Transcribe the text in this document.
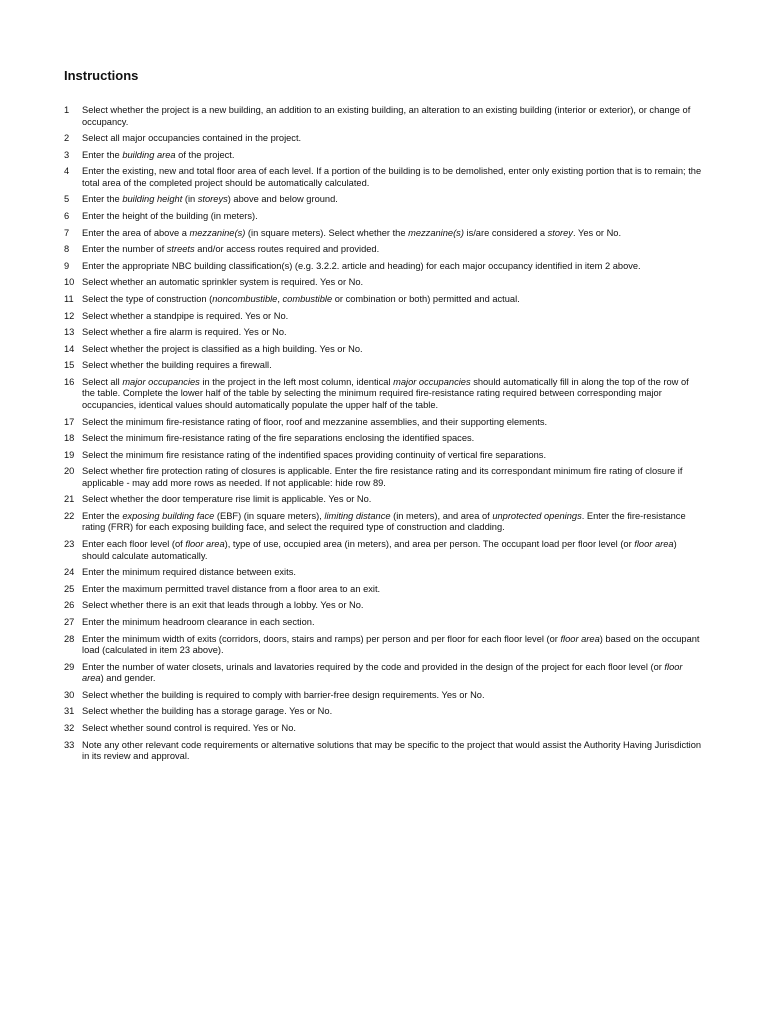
Instructions
1	Select whether the project is a new building, an addition to an existing building, an alteration to an existing building (interior or exterior), or change of occupancy.
2	Select all major occupancies contained in the project.
3	Enter the building area of the project.
4	Enter the existing, new and total floor area of each level. If a portion of the building is to be demolished, enter only existing portion that is to remain; the total area of the completed project should be automatically calculated.
5	Enter the building height (in storeys) above and below ground.
6	Enter the height of the building (in meters).
7	Enter the area of above a mezzanine(s) (in square meters). Select whether the mezzanine(s) is/are considered a storey. Yes or No.
8	Enter the number of streets and/or access routes required and provided.
9	Enter the appropriate NBC building classification(s) (e.g. 3.2.2. article and heading) for each major occupancy identified in item 2 above.
10 Select whether an automatic sprinkler system is required. Yes or No.
11 Select the type of construction (noncombustible, combustible or combination or both) permitted and actual.
12 Select whether a standpipe is required. Yes or No.
13 Select whether a fire alarm is required. Yes or No.
14 Select whether the project is classified as a high building. Yes or No.
15 Select whether the building requires a firewall.
16 Select all major occupancies in the project in the left most column, identical major occupancies should automatically fill in along the top of the row of the table. Complete the lower half of the table by selecting the minimum required fire-resistance rating required between corresponding major occupancies, identical values should automatically populate the upper half of the table.
17 Select the minimum fire-resistance rating of floor, roof and mezzanine assemblies, and their supporting elements.
18 Select the minimum fire-resistance rating of the fire separations enclosing the identified spaces.
19 Select the minimum fire resistance rating of the indentified spaces providing continuity of vertical fire separations.
20 Select whether fire protection rating of closures is applicable. Enter the fire resistance rating and its correspondant minimum fire rating of closure if applicable - may add more rows as needed. If not applicable: hide row 89.
21 Select whether the door temperature rise limit is applicable. Yes or No.
22 Enter the exposing building face (EBF) (in square meters), limiting distance (in meters), and area of unprotected openings. Enter the fire-resistance rating (FRR) for each exposing building face, and select the required type of construction and cladding.
23 Enter each floor level (of floor area), type of use, occupied area (in meters), and area per person. The occupant load per floor level (or floor area) should calculate automatically.
24 Enter the minimum required distance between exits.
25 Enter the maximum permitted travel distance from a floor area to an exit.
26 Select whether there is an exit that leads through a lobby. Yes or No.
27 Enter the minimum headroom clearance in each section.
28 Enter the minimum width of exits (corridors, doors, stairs and ramps) per person and per floor for each floor level (or floor area) based on the occupant load (calculated in item 23 above).
29 Enter the number of water closets, urinals and lavatories required by the code and provided in the design of the project for each floor level (or floor area) and gender.
30 Select whether the building is required to comply with barrier-free design requirements. Yes or No.
31 Select whether the building has a storage garage. Yes or No.
32 Select whether sound control is required. Yes or No.
33 Note any other relevant code requirements or alternative solutions that may be specific to the project that would assist the Authority Having Jurisdiction in its review and approval.
